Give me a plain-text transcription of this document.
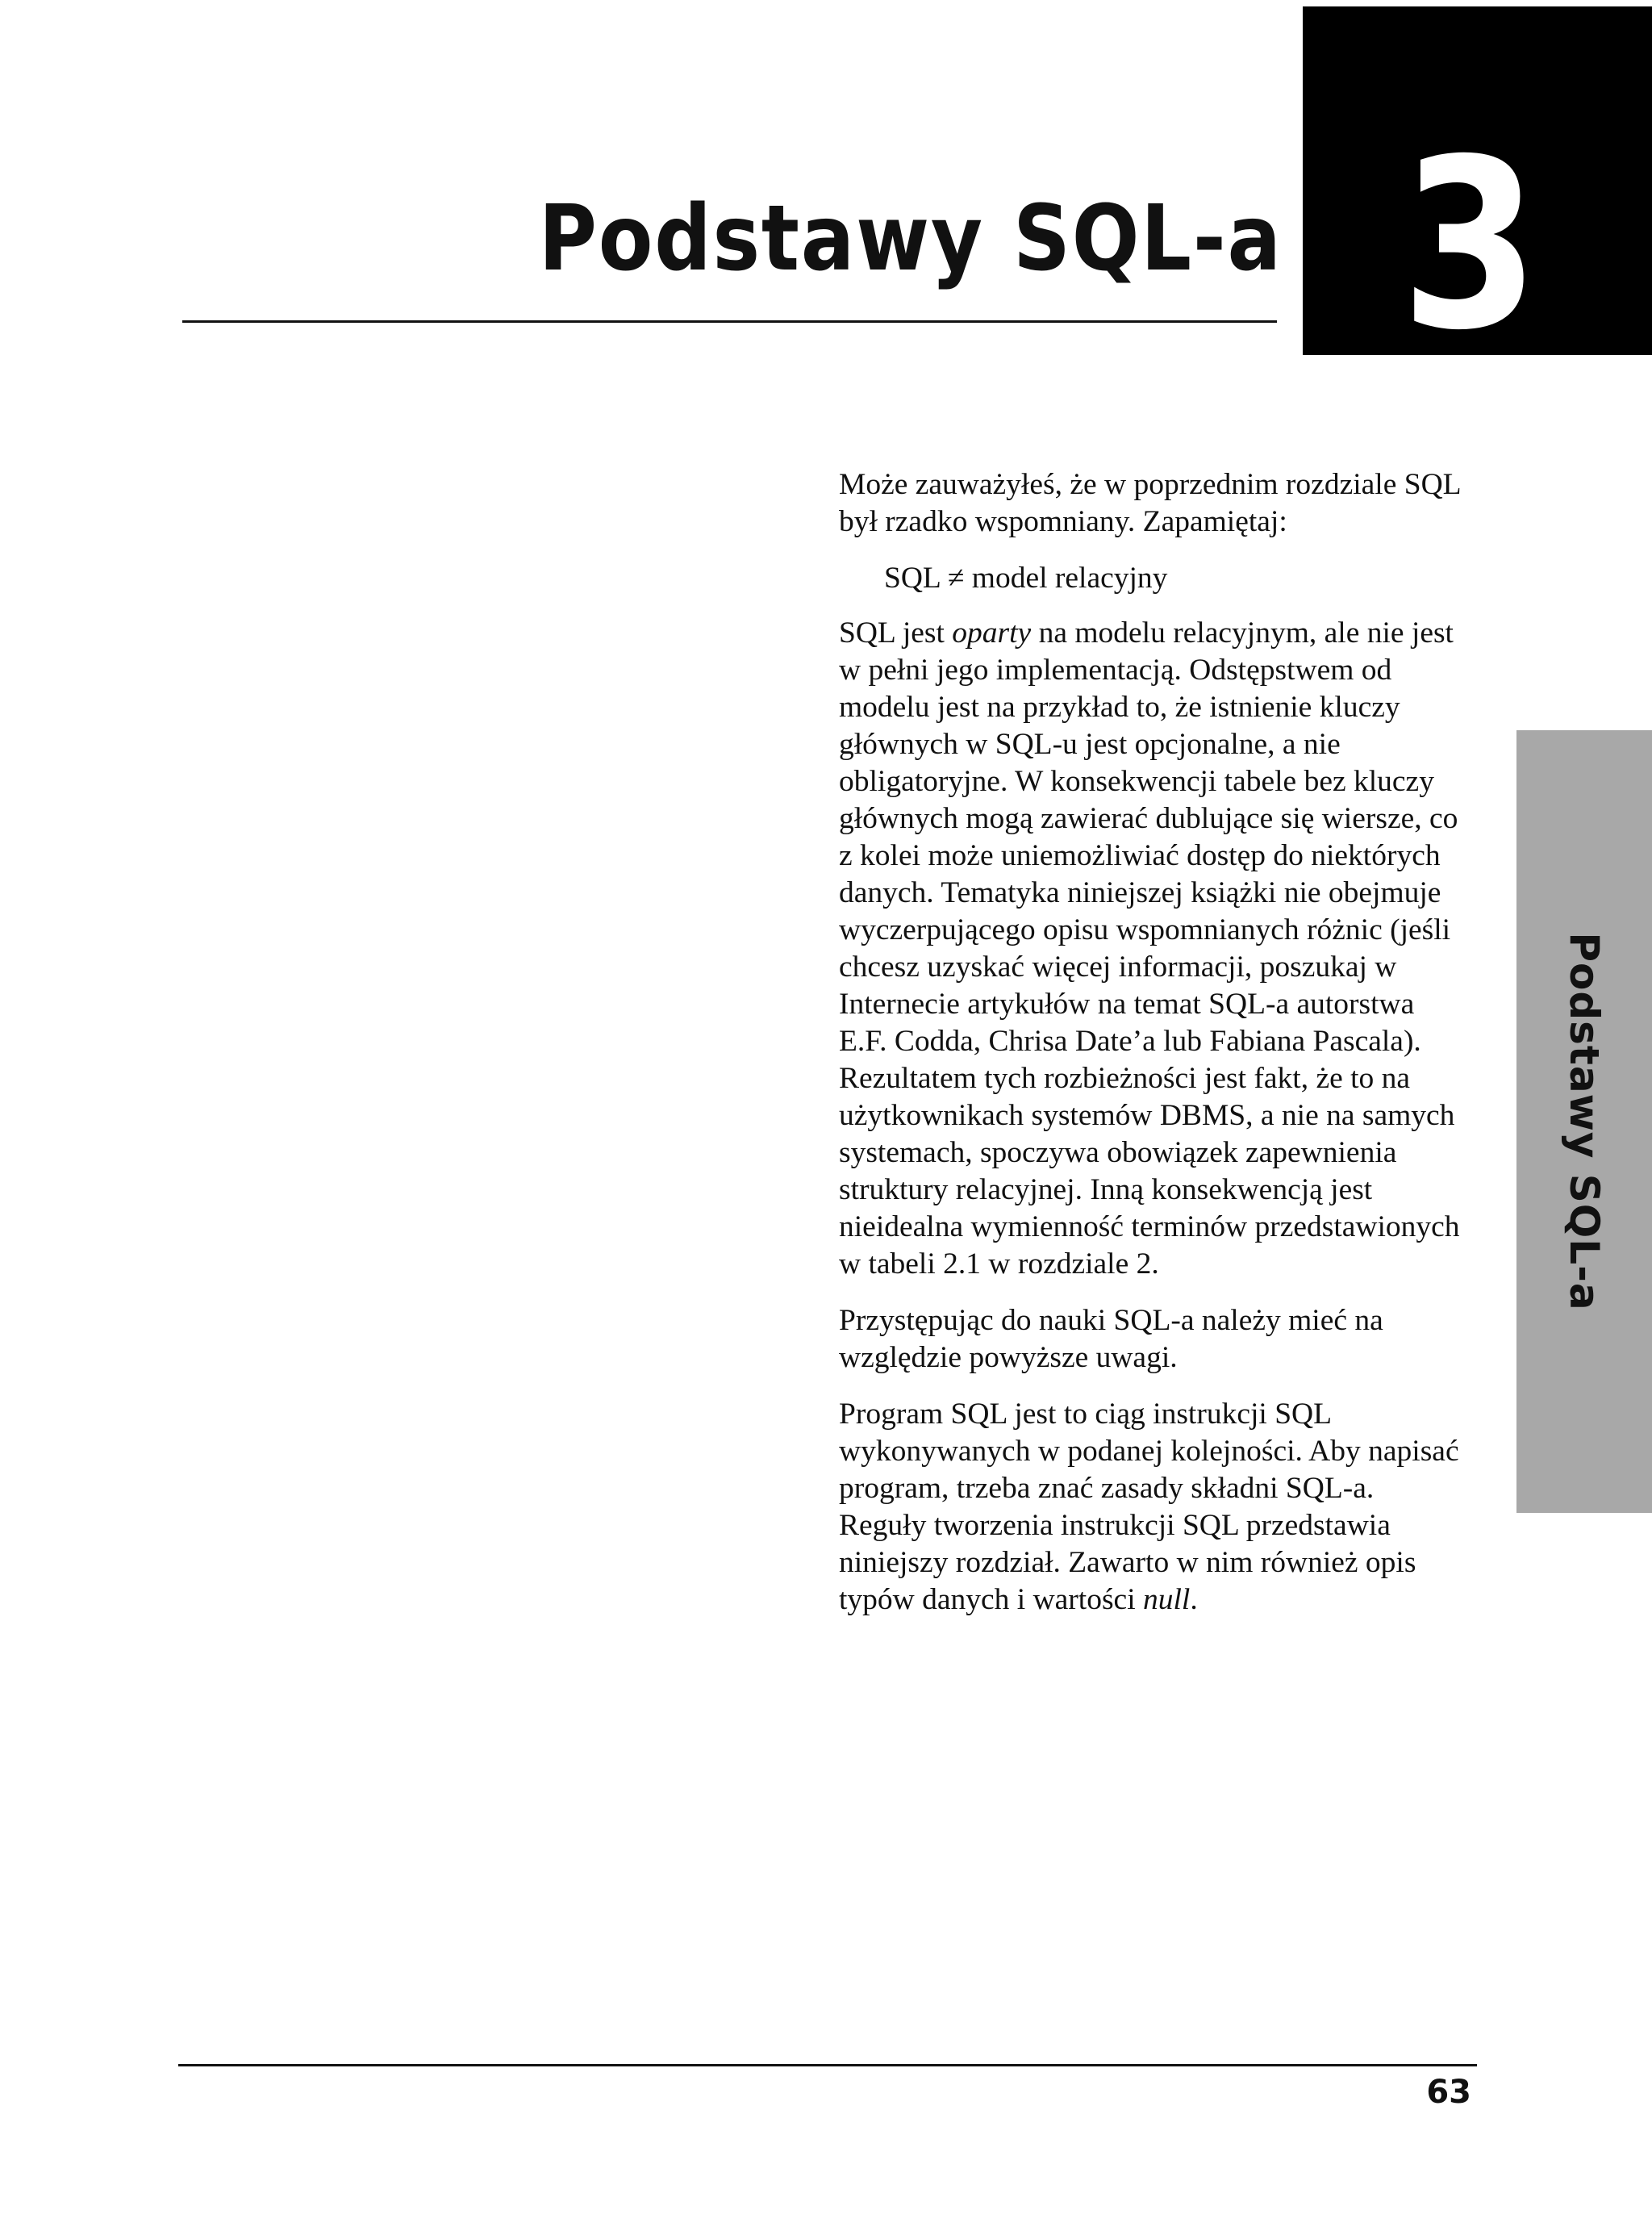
Podstawy SQL-a 3
Podstawy SQL-a

Może zauważyłeś, że w poprzednim rozdziale SQL był rzadko wspomniany. Zapamiętaj:

SQL ≠ model relacyjny

SQL jest oparty na modelu relacyjnym, ale nie jest w pełni jego implementacją. Odstępstwem od modelu jest na przykład to, że istnienie kluczy głównych w SQL-u jest opcjonalne, a nie obligatoryjne. W konsekwencji tabele bez kluczy głównych mogą zawierać dublujące się wiersze, co z kolei może uniemożliwiać dostęp do niektórych danych. Tematyka niniejszej książki nie obejmuje wyczerpującego opisu wspomnianych różnic (jeśli chcesz uzyskać więcej informacji, poszukaj w Internecie artykułów na temat SQL-a autorstwa E.F. Codda, Chrisa Date’a lub Fabiana Pascala). Rezultatem tych rozbieżności jest fakt, że to na użytkownikach systemów DBMS, a nie na samych systemach, spoczywa obowiązek zapewnienia struktury relacyjnej. Inną konsekwencją jest nieidealna wymienność terminów przedstawionych w tabeli 2.1 w rozdziale 2.

Przystępując do nauki SQL-a należy mieć na względzie powyższe uwagi.

Program SQL jest to ciąg instrukcji SQL wykonywanych w podanej kolejności. Aby napisać program, trzeba znać zasady składni SQL-a. Reguły tworzenia instrukcji SQL przedstawia niniejszy rozdział. Zawarto w nim również opis typów danych i wartości null.

63
